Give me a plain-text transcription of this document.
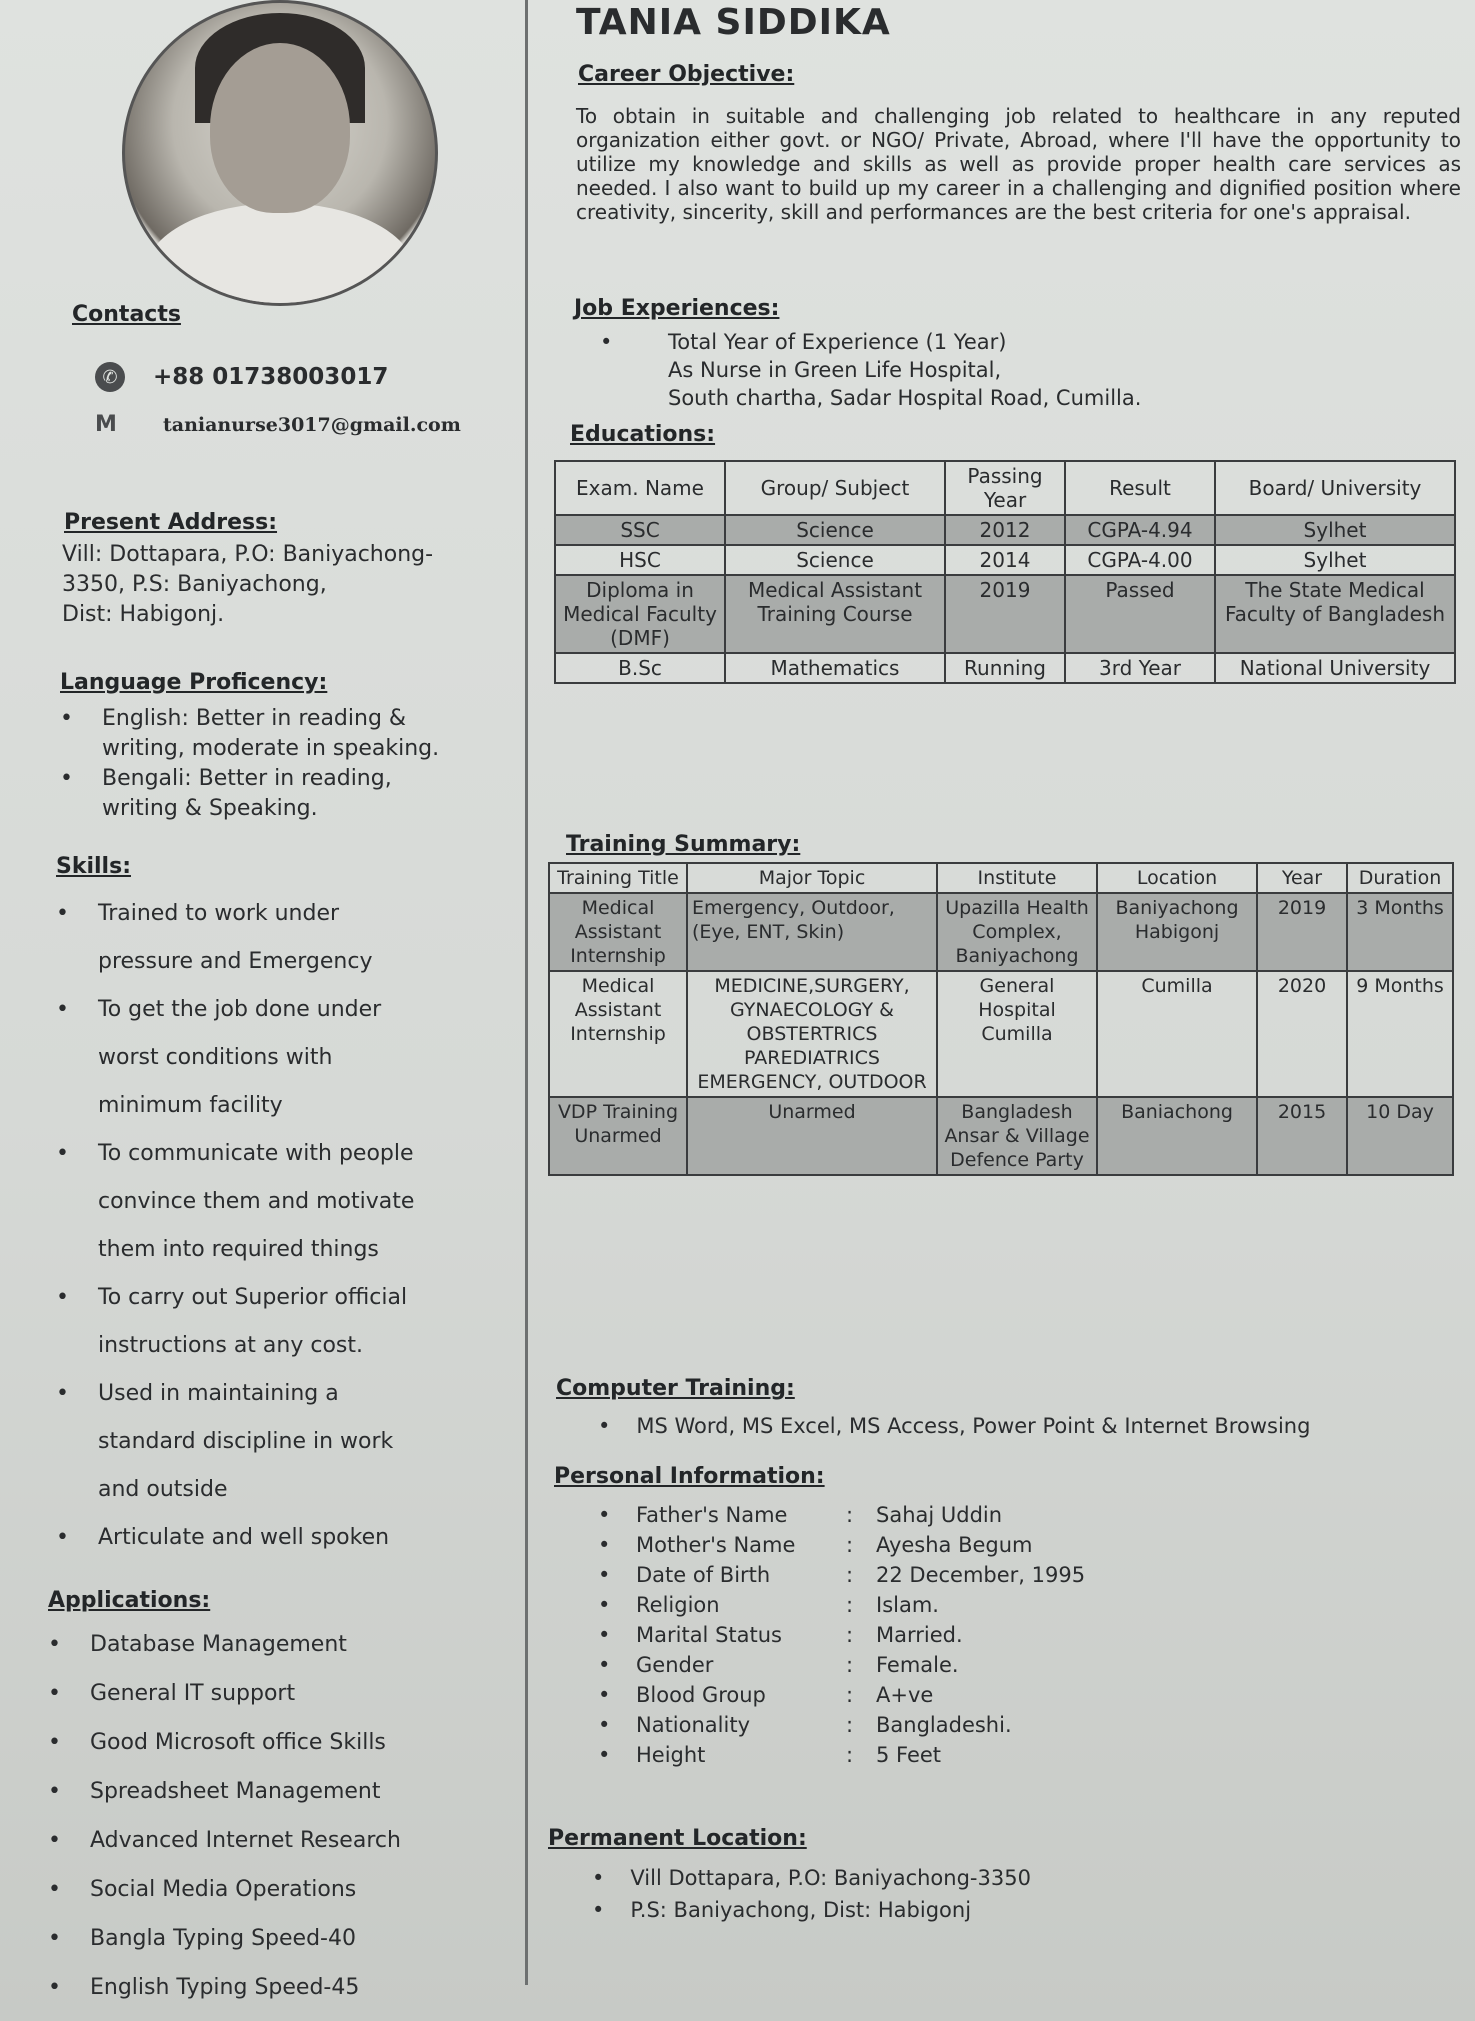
Contacts
✆	+88 01738003017
M	tanianurse3017@gmail.com
Present Address:
Vill: Dottapara, P.O: Baniyachong-
3350, P.S: Baniyachong,
Dist: Habigonj.
Language Proficency:
• English: Better in reading &
writing, moderate in speaking.
• Bengali: Better in reading,
writing & Speaking.
Skills:
• Trained to work under
pressure and Emergency
• To get the job done under
worst conditions with
minimum facility
• To communicate with people
convince them and motivate
them into required things
• To carry out Superior official
instructions at any cost.
• Used in maintaining a
standard discipline in work
and outside
• Articulate and well spoken
Applications:
• Database Management
• General IT support
• Good Microsoft office Skills
• Spreadsheet Management
• Advanced Internet Research
• Social Media Operations
• Bangla Typing Speed-40
• English Typing Speed-45
TANIA SIDDIKA
Career Objective:
To obtain in suitable and challenging job related to healthcare in any reputed organization either govt. or NGO/ Private, Abroad, where I'll have the opportunity to utilize my knowledge and skills as well as provide proper health care services as needed. I also want to build up my career in a challenging and dignified position where creativity, sincerity, skill and performances are the best criteria for one's appraisal.
Job Experiences:
•	Total Year of Experience (1 Year)
As Nurse in Green Life Hospital,
South chartha, Sadar Hospital Road, Cumilla.
Educations:
Exam. Name	Group/ Subject	Passing Year	Result	Board/ University
SSC	Science	2012	CGPA-4.94	Sylhet
HSC	Science	2014	CGPA-4.00	Sylhet
Diploma in Medical Faculty (DMF)	Medical Assistant Training Course	2019	Passed	The State Medical Faculty of Bangladesh
B.Sc	Mathematics	Running	3rd Year	National University
Training Summary:
Training Title	Major Topic	Institute	Location	Year	Duration
Medical Assistant Internship	Emergency, Outdoor, (Eye, ENT, Skin)	Upazilla Health Complex, Baniyachong	Baniyachong Habigonj	2019	3 Months
Medical Assistant Internship	MEDICINE,SURGERY, GYNAECOLOGY & OBSTERTRICS PAREDIATRICS EMERGENCY, OUTDOOR	General Hospital Cumilla	Cumilla	2020	9 Months
VDP Training Unarmed	Unarmed	Bangladesh Ansar & Village Defence Party	Baniachong	2015	10 Day
Computer Training:
• MS Word, MS Excel, MS Access, Power Point & Internet Browsing
Personal Information:
•	Father's Name	:	Sahaj Uddin
•	Mother's Name	:	Ayesha Begum
•	Date of Birth	:	22 December, 1995
•	Religion	:	Islam.
•	Marital Status	:	Married.
•	Gender	:	Female.
•	Blood Group	:	A+ve
•	Nationality	:	Bangladeshi.
•	Height	:	5 Feet
Permanent Location:
• Vill Dottapara, P.O: Baniyachong-3350
• P.S: Baniyachong, Dist: Habigonj
